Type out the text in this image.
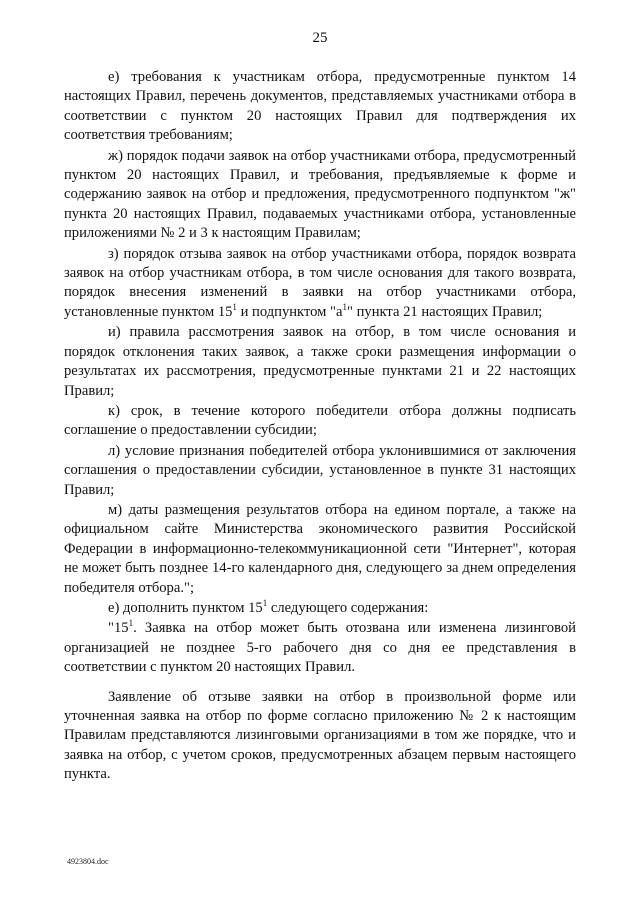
25

е) требования к участникам отбора, предусмотренные пунктом 14 настоящих Правил, перечень документов, представляемых участниками отбора в соответствии с пунктом 20 настоящих Правил для подтверждения их соответствия требованиям;

ж) порядок подачи заявок на отбор участниками отбора, предусмотренный пунктом 20 настоящих Правил, и требования, предъявляемые к форме и содержанию заявок на отбор и предложения, предусмотренного подпунктом "ж" пункта 20 настоящих Правил, подаваемых участниками отбора, установленные приложениями № 2 и 3 к настоящим Правилам;

з) порядок отзыва заявок на отбор участниками отбора, порядок возврата заявок на отбор участникам отбора, в том числе основания для такого возврата, порядок внесения изменений в заявки на отбор участниками отбора, установленные пунктом $15^1$ и подпунктом "$а^1$" пункта 21 настоящих Правил;

и) правила рассмотрения заявок на отбор, в том числе основания и порядок отклонения таких заявок, а также сроки размещения информации о результатах их рассмотрения, предусмотренные пунктами 21 и 22 настоящих Правил;

к) срок, в течение которого победители отбора должны подписать соглашение о предоставлении субсидии;

л) условие признания победителей отбора уклонившимися от заключения соглашения о предоставлении субсидии, установленное в пункте 31 настоящих Правил;

м) даты размещения результатов отбора на едином портале, а также на официальном сайте Министерства экономического развития Российской Федерации в информационно-телекоммуникационной сети "Интернет", которая не может быть позднее 14-го календарного дня, следующего за днем определения победителя отбора.";

е) дополнить пунктом $15^1$ следующего содержания:

"$15^1$. Заявка на отбор может быть отозвана или изменена лизинговой организацией не позднее 5-го рабочего дня со дня ее представления в соответствии с пунктом 20 настоящих Правил.

Заявление об отзыве заявки на отбор в произвольной форме или уточненная заявка на отбор по форме согласно приложению № 2 к настоящим Правилам представляются лизинговыми организациями в том же порядке, что и заявка на отбор, с учетом сроков, предусмотренных абзацем первым настоящего пункта.

4923804.doc
